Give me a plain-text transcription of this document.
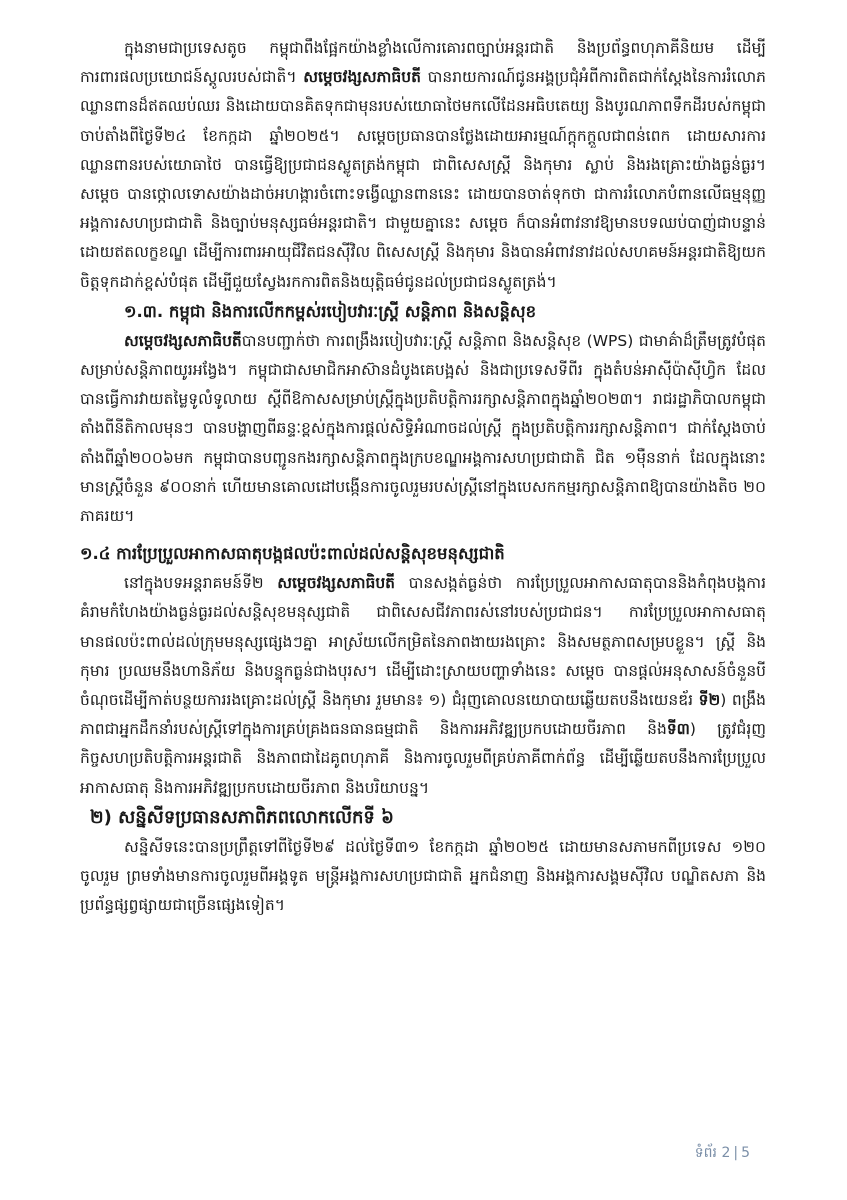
ក្នុងនាមជាប្រទេសតូច កម្ពុជាពឹងផ្អែកយ៉ាងខ្លាំងលើការគោរពច្បាប់អន្តរជាតិ និងប្រព័ន្ធពហុភាគីនិយម ដើម្បីការពារផលប្រយោជន៍ស្ដូលរបស់ជាតិ។ សម្ដេចវង្សសភាធិបតី បានរាយការណ៍ជូនអង្គប្រជុំអំពីការពិតជាក់ស្ដែងនៃការរំលោភឈ្លានពានដ៏ឥតឈប់ឈរ និងដោយបានគិតទុកជាមុនរបស់យោធាថៃមកលើដែនអធិបតេយ្យ និងបូរណភាពទឹកដីរបស់កម្ពុជាចាប់តាំងពីថ្ងៃទី២៤ ខែកក្កដា ឆ្នាំ២០២៥។ សម្ដេចប្រធានបានថ្លែងដោយអារម្មណ៍ក្ដុកក្ដួលជាពន់ពេក ដោយសារការឈ្លានពានរបស់យោធាថៃ បានធ្វើឱ្យប្រជាជនស្លូតត្រង់កម្ពុជា ជាពិសេសស្ត្រី និងកុមារ ស្លាប់ និងរងគ្រោះយ៉ាងធ្ងន់ធ្ងរ។ សម្ដេច បានថ្កោលទោសយ៉ាងដាច់អហង្ការចំពោះទង្វើឈ្លានពាននេះ ដោយបានចាត់ទុកថា ជាការរំលោភបំពានលើធម្មនុញ្ញអង្គការសហប្រជាជាតិ និងច្បាប់មនុស្សធម៌អន្តរជាតិ។ ជាមួយគ្នានេះ សម្ដេច ក៏បានអំពាវនាវឱ្យមានបទឈប់បាញ់ជាបន្ទាន់ ដោយឥតលក្ខខណ្ឌ ដើម្បីការពារអាយុជីវិតជនស៊ីវិល ពិសេសស្ត្រី និងកុមារ និងបានអំពាវនាវដល់សហគមន៍អន្តរជាតិឱ្យយកចិត្តទុកដាក់ខ្ពស់បំផុត ដើម្បីជួយស្វែងរកការពិតនិងយុត្តិធម៌ជូនដល់ប្រជាជនស្លូតត្រង់។

១.៣. កម្ពុជា និងការលើកកម្ពស់របៀបវារៈស្ត្រី សន្តិភាព និងសន្តិសុខ

សម្ដេចវង្សសភាធិបតីបានបញ្ជាក់ថា ការពង្រឹងរបៀបវារៈស្ត្រី សន្តិភាព និងសន្តិសុខ (WPS) ជាមាគ៌ាដ៏ត្រឹមត្រូវបំផុតសម្រាប់សន្តិភាពយូរអង្វែង។ កម្ពុជាជាសមាជិកអាស៊ានដំបូងគេបង្អស់ និងជាប្រទេសទីពីរ ក្នុងតំបន់អាស៊ីប៉ាស៊ីហ្វិក ដែលបានធ្វើការវាយតម្លៃទូលំទូលាយ ស្ដីពីឱកាសសម្រាប់ស្ត្រីក្នុងប្រតិបត្តិការរក្សាសន្តិភាពក្នុងឆ្នាំ២០២៣។ រាជរដ្ឋាភិបាលកម្ពុជាតាំងពីនីតិកាលមុនៗ បានបង្ហាញពីឆន្ទៈខ្ពស់ក្នុងការផ្ដល់សិទ្ធិអំណាចដល់ស្ត្រី ក្នុងប្រតិបត្តិការរក្សាសន្តិភាព។ ជាក់ស្ដែងចាប់តាំងពីឆ្នាំ២០០៦មក កម្ពុជាបានបញ្ជូនកងរក្សាសន្តិភាពក្នុងក្របខណ្ឌអង្គការសហប្រជាជាតិ ជិត ១ម៉ឺននាក់ ដែលក្នុងនោះមានស្ត្រីចំនួន ៩០០នាក់ ហើយមានគោលដៅបង្កើនការចូលរួមរបស់ស្ត្រីនៅក្នុងបេសកកម្មរក្សាសន្តិភាពឱ្យបានយ៉ាងតិច ២០ ភាគរយ។

១.៤ ការប្រែប្រួលអាកាសធាតុបង្កផលប៉ះពាល់ដល់សន្តិសុខមនុស្សជាតិ

នៅក្នុងបទអន្តរាគមន៍ទី២ សម្ដេចវង្សសភាធិបតី បានសង្កត់ធ្ងន់ថា ការប្រែប្រួលអាកាសធាតុបាននិងកំពុងបង្កការគំរាមកំហែងយ៉ាងធ្ងន់ធ្ងរដល់សន្តិសុខមនុស្សជាតិ ជាពិសេសជីវភាពរស់នៅរបស់ប្រជាជន។ ការប្រែប្រួលអាកាសធាតុមានផលប៉ះពាល់ដល់ក្រុមមនុស្សផ្សេងៗគ្នា អាស្រ័យលើកម្រិតនៃភាពងាយរងគ្រោះ និងសមត្ថភាពសម្របខ្លួន។ ស្ត្រី និងកុមារ ប្រឈមនឹងហានិភ័យ និងបន្ទុកធ្ងន់ជាងបុរស។ ដើម្បីដោះស្រាយបញ្ហាទាំងនេះ សម្ដេច បានផ្ដល់អនុសាសន៍ចំនួនបីចំណុចដើម្បីកាត់បន្ថយការរងគ្រោះដល់ស្ត្រី និងកុមារ រួមមាន៖ ១) ជំរុញគោលនយោបាយឆ្លើយតបនឹងយេនឌ័រ ទី២) ពង្រឹងភាពជាអ្នកដឹកនាំរបស់ស្ត្រីទៅក្នុងការគ្រប់គ្រងធនធានធម្មជាតិ និងការអភិវឌ្ឍប្រកបដោយចីរភាព និងទី៣) ត្រូវជំរុញកិច្ចសហប្រតិបត្តិការអន្តរជាតិ និងភាពជាដៃគូពហុភាគី និងការចូលរួមពីគ្រប់ភាគីពាក់ព័ន្ធ ដើម្បីឆ្លើយតបនឹងការប្រែប្រួលអាកាសធាតុ និងការអភិវឌ្ឍប្រកបដោយចីរភាព និងបរិយាបន្ន។

២) សន្និសីទប្រធានសភាពិភពលោកលើកទី ៦

សន្និសីទនេះបានប្រព្រឹត្តទៅពីថ្ងៃទី២៩ ដល់ថ្ងៃទី៣១ ខែកក្កដា ឆ្នាំ២០២៥ ដោយមានសភាមកពីប្រទេស ១២០ ចូលរួម ព្រមទាំងមានការចូលរួមពីអង្គទូត មន្ត្រីអង្គការសហប្រជាជាតិ អ្នកជំនាញ និងអង្គការសង្គមស៊ីវិល បណ្ឌិតសភា និងប្រព័ន្ធផ្សព្វផ្សាយជាច្រើនផ្សេងទៀត។

ទំព័រ 2 | 5
